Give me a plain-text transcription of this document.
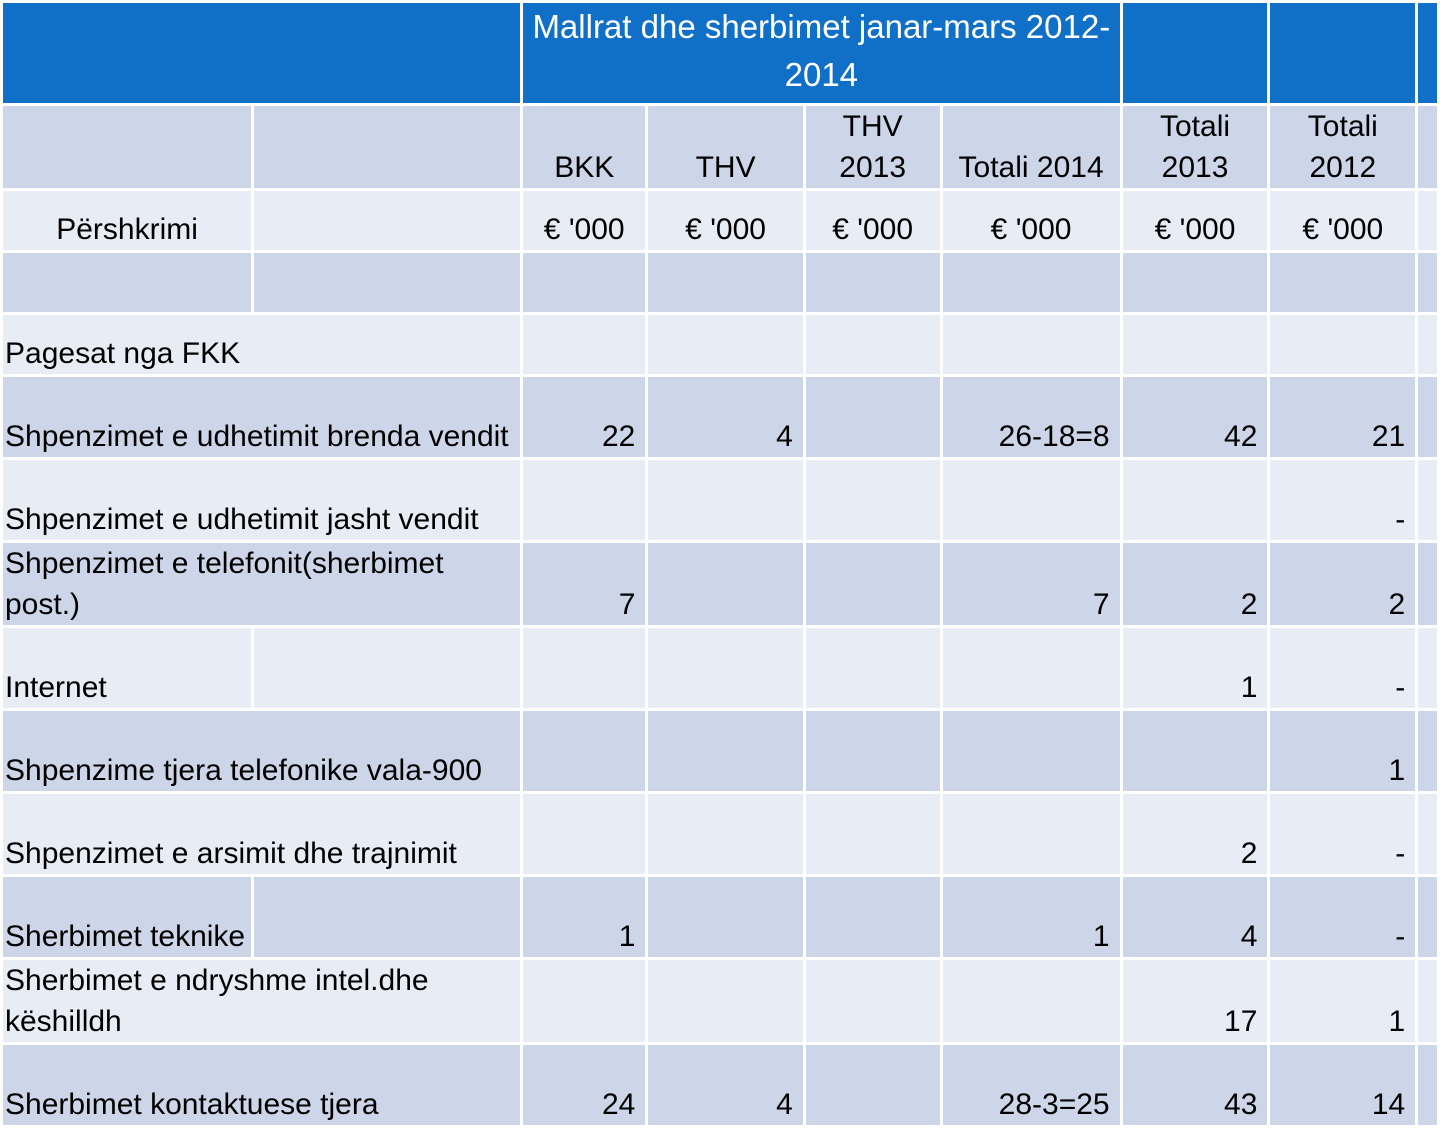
		Mallrat dhe sherbimet janar-mars 2012-2014						
		BKK	THV	THV 2013	Totali 2014	Totali 2013	Totali 2012	
Përshkrimi		€ '000	€ '000	€ '000	€ '000	€ '000	€ '000	

Pagesat nga FKK								
Shpenzimet e udhetimit brenda vendit		22	4		26-18=8	42	21	
Shpenzimet e udhetimit jasht vendit							-	
Shpenzimet e telefonit(sherbimet post.)		7			7	2	2	
Internet						1	-	
Shpenzime tjera telefonike vala-900							1	
Shpenzimet e arsimit dhe trajnimit						2	-	
Sherbimet teknike		1			1	4	-	
Sherbimet e ndryshme intel.dhe këshilldh						17	1	
Sherbimet kontaktuese tjera		24	4		28-3=25	43	14	
